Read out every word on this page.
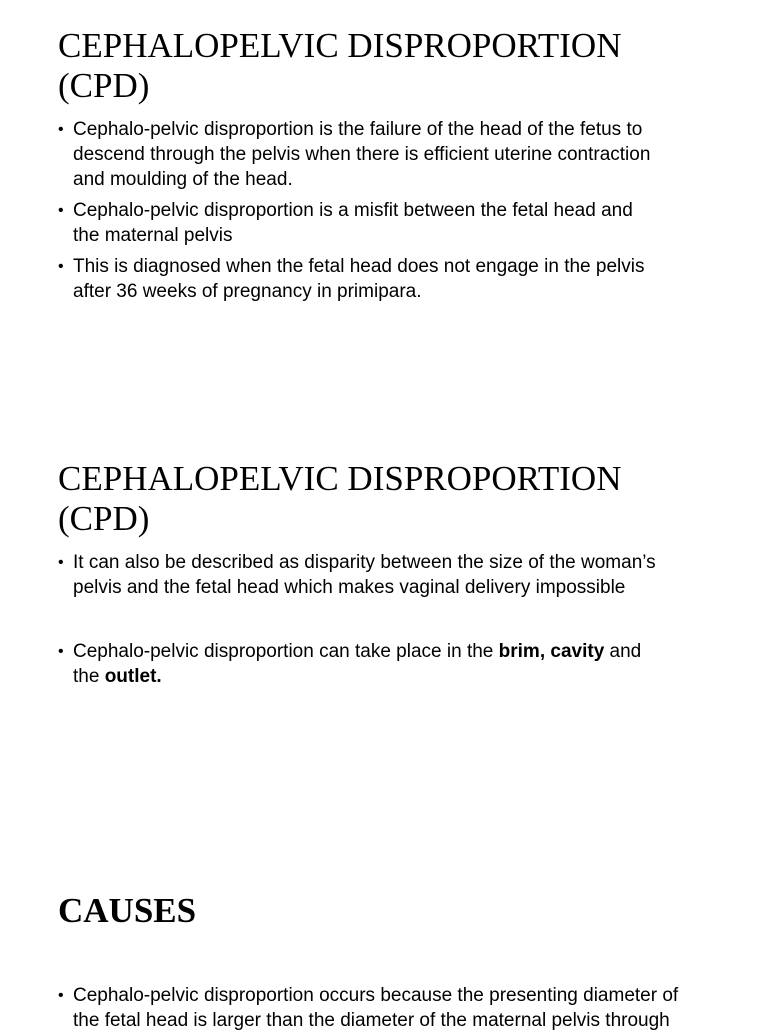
CEPHALOPELVIC DISPROPORTION
(CPD)
• Cephalo-pelvic disproportion is the failure of the head of the fetus to
descend through the pelvis when there is efficient uterine contraction
and moulding of the head.
• Cephalo-pelvic disproportion is a misfit between the fetal head and
the maternal pelvis
• This is diagnosed when the fetal head does not engage in the pelvis
after 36 weeks of pregnancy in primipara.
CEPHALOPELVIC DISPROPORTION
(CPD)
• It can also be described as disparity between the size of the woman’s
pelvis and the fetal head which makes vaginal delivery impossible
• Cephalo-pelvic disproportion can take place in the brim, cavity and
the outlet.
CAUSES
• Cephalo-pelvic disproportion occurs because the presenting diameter of
the fetal head is larger than the diameter of the maternal pelvis through
